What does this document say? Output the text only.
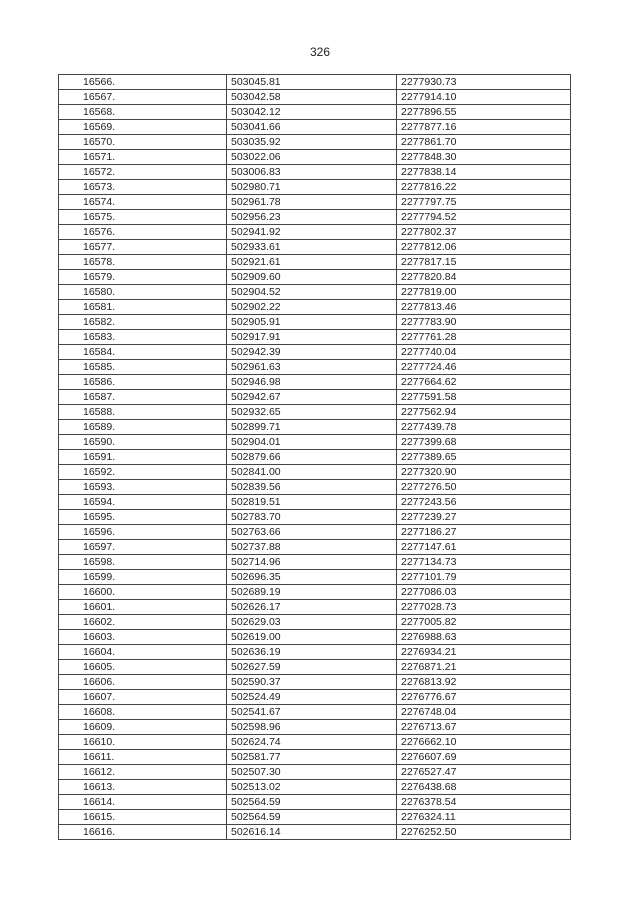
326
16566.	503045.81	2277930.73
16567.	503042.58	2277914.10
16568.	503042.12	2277896.55
16569.	503041.66	2277877.16
16570.	503035.92	2277861.70
16571.	503022.06	2277848.30
16572.	503006.83	2277838.14
16573.	502980.71	2277816.22
16574.	502961.78	2277797.75
16575.	502956.23	2277794.52
16576.	502941.92	2277802.37
16577.	502933.61	2277812.06
16578.	502921.61	2277817.15
16579.	502909.60	2277820.84
16580.	502904.52	2277819.00
16581.	502902.22	2277813.46
16582.	502905.91	2277783.90
16583.	502917.91	2277761.28
16584.	502942.39	2277740.04
16585.	502961.63	2277724.46
16586.	502946.98	2277664.62
16587.	502942.67	2277591.58
16588.	502932.65	2277562.94
16589.	502899.71	2277439.78
16590.	502904.01	2277399.68
16591.	502879.66	2277389.65
16592.	502841.00	2277320.90
16593.	502839.56	2277276.50
16594.	502819.51	2277243.56
16595.	502783.70	2277239.27
16596.	502763.66	2277186.27
16597.	502737.88	2277147.61
16598.	502714.96	2277134.73
16599.	502696.35	2277101.79
16600.	502689.19	2277086.03
16601.	502626.17	2277028.73
16602.	502629.03	2277005.82
16603.	502619.00	2276988.63
16604.	502636.19	2276934.21
16605.	502627.59	2276871.21
16606.	502590.37	2276813.92
16607.	502524.49	2276776.67
16608.	502541.67	2276748.04
16609.	502598.96	2276713.67
16610.	502624.74	2276662.10
16611.	502581.77	2276607.69
16612.	502507.30	2276527.47
16613.	502513.02	2276438.68
16614.	502564.59	2276378.54
16615.	502564.59	2276324.11
16616.	502616.14	2276252.50
